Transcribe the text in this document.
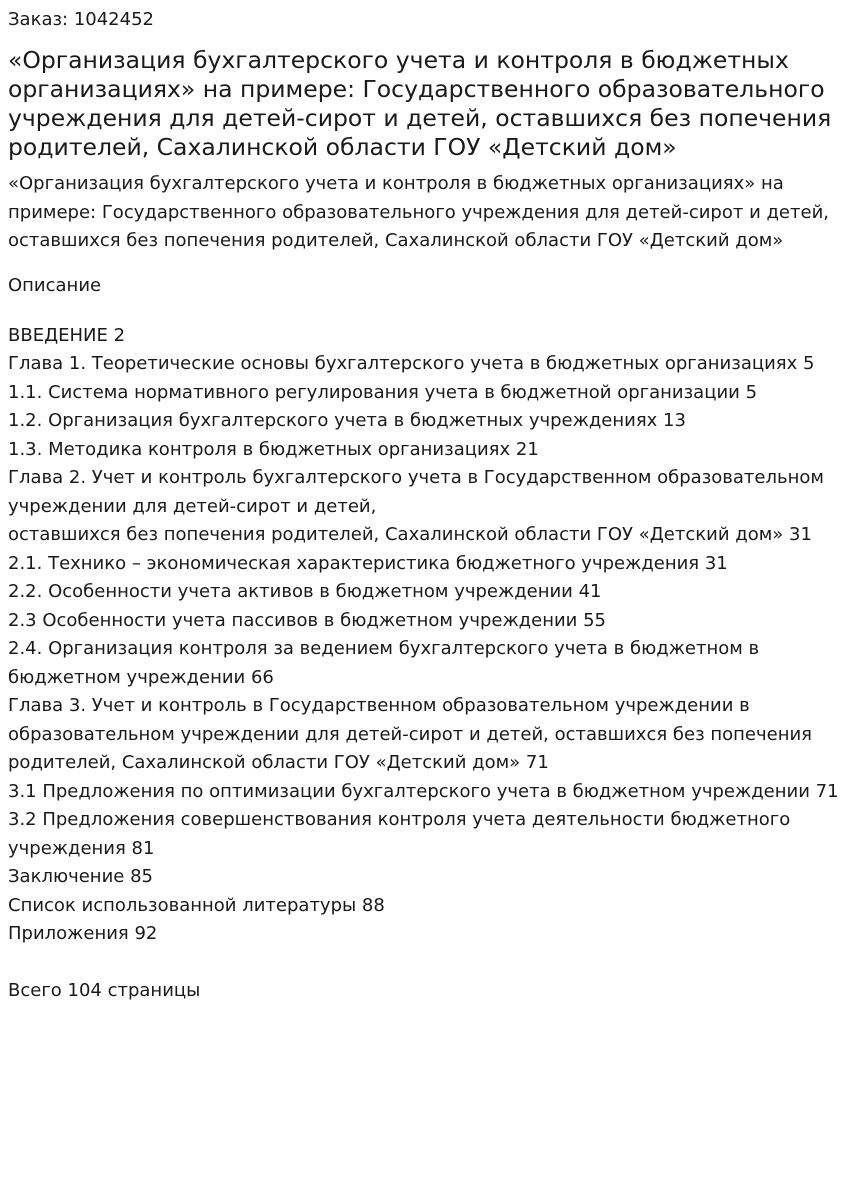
Заказ: 1042452
«Организация бухгалтерского учета и контроля в бюджетных организациях» на примере: Государственного образовательного учреждения для детей-сирот и детей, оставшихся без попечения родителей, Сахалинской области ГОУ «Детский дом»
«Организация бухгалтерского учета и контроля в бюджетных организациях» на примере: Государственного образовательного учреждения для детей-сирот и детей, оставшихся без попечения родителей, Сахалинской области ГОУ «Детский дом»
Описание
ВВЕДЕНИЕ 2
Глава 1. Теоретические основы бухгалтерского учета в бюджетных организациях 5
1.1. Система нормативного регулирования учета в бюджетной организации 5
1.2. Организация бухгалтерского учета в бюджетных учреждениях 13
1.3. Методика контроля в бюджетных организациях 21
Глава 2. Учет и контроль бухгалтерского учета в Государственном образовательном учреждении для детей-сирот и детей,
оставшихся без попечения родителей, Сахалинской области ГОУ «Детский дом» 31
2.1. Технико – экономическая характеристика бюджетного учреждения 31
2.2. Особенности учета активов в бюджетном учреждении 41
2.3 Особенности учета пассивов в бюджетном учреждении 55
2.4. Организация контроля за ведением бухгалтерского учета в бюджетном в бюджетном учреждении 66
Глава 3. Учет и контроль в Государственном образовательном учреждении в образовательном учреждении для детей-сирот и детей, оставшихся без попечения родителей, Сахалинской области ГОУ «Детский дом» 71
3.1 Предложения по оптимизации бухгалтерского учета в бюджетном учреждении 71
3.2 Предложения совершенствования контроля учета деятельности бюджетного учреждения 81
Заключение 85
Список использованной литературы 88
Приложения 92
Всего 104 страницы
